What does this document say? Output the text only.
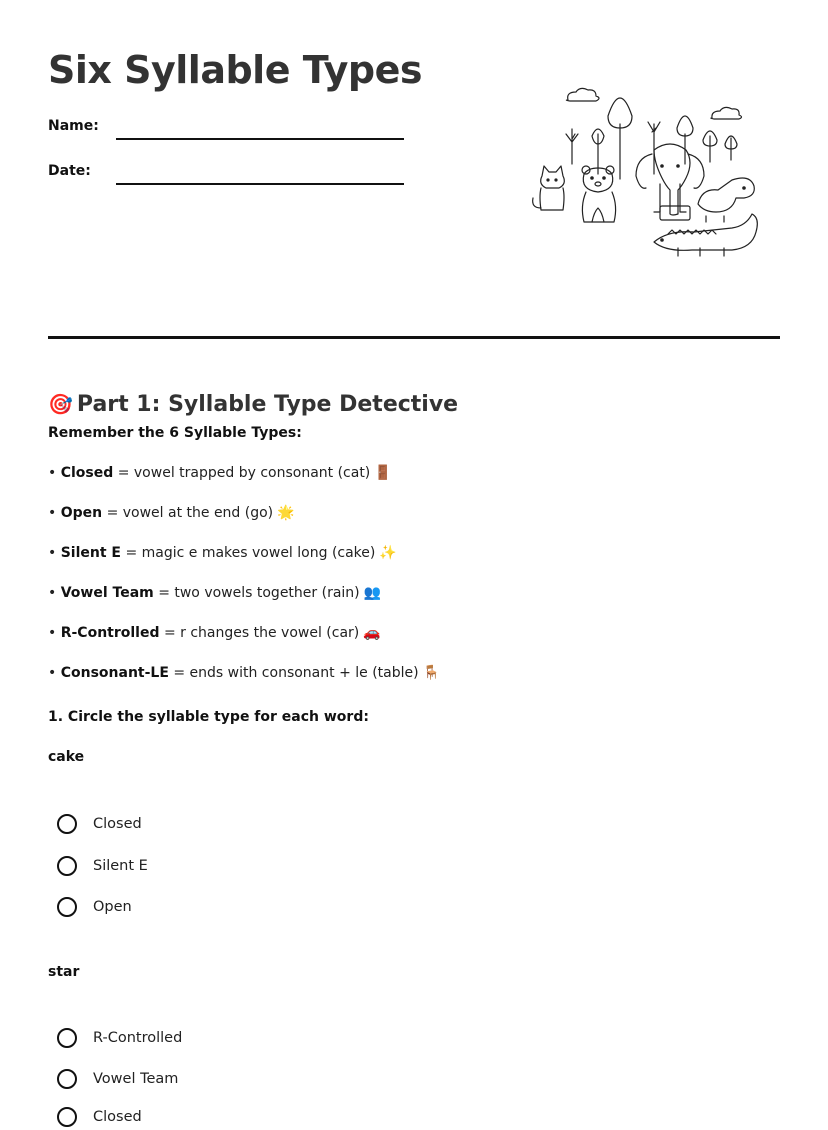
Six Syllable Types
Name:
Date:
🎯 Part 1: Syllable Type Detective
Remember the 6 Syllable Types:
• Closed = vowel trapped by consonant (cat) 🚪
• Open = vowel at the end (go) 🌟
• Silent E = magic e makes vowel long (cake) ✨
• Vowel Team = two vowels together (rain) 👥
• R-Controlled = r changes the vowel (car) 🚗
• Consonant-LE = ends with consonant + le (table) 🪑
1. Circle the syllable type for each word:
cake
Closed
Silent E
Open
star
R-Controlled
Vowel Team
Closed
